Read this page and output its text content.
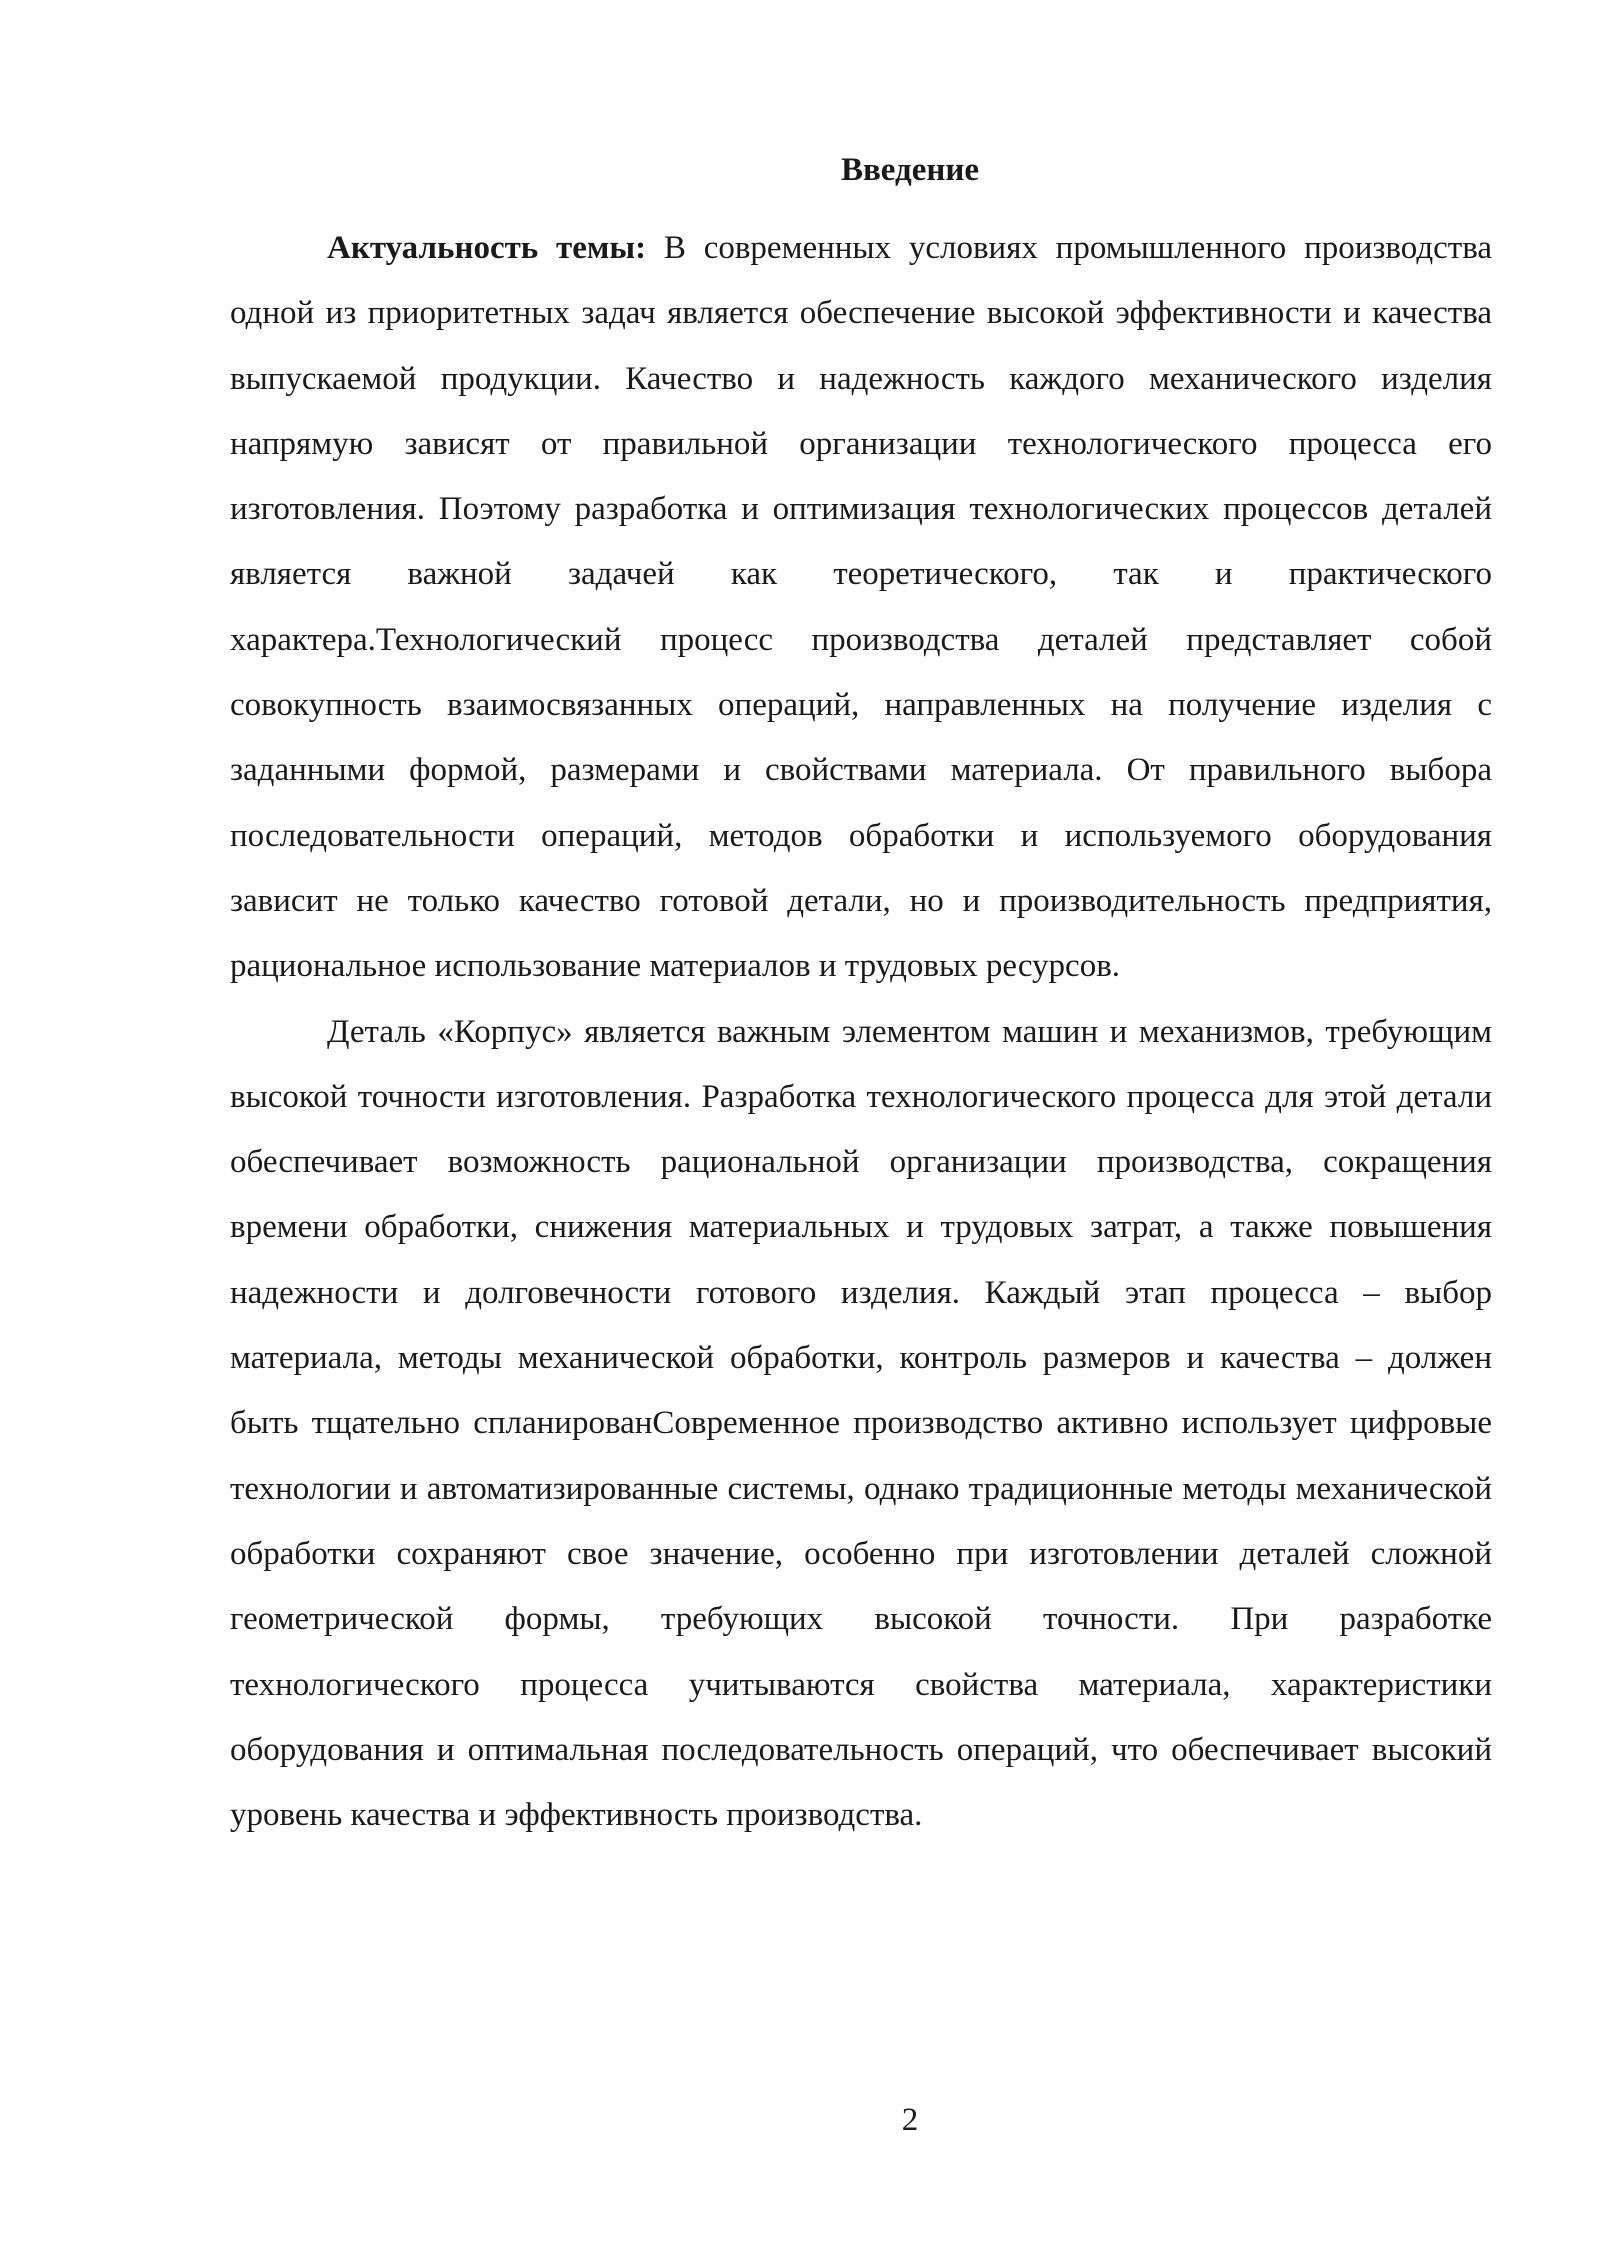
Введение

Актуальность темы: В современных условиях промышленного производства одной из приоритетных задач является обеспечение высокой эффективности и качества выпускаемой продукции. Качество и надежность каждого механического изделия напрямую зависят от правильной организации технологического процесса его изготовления. Поэтому разработка и оптимизация технологических процессов деталей является важной задачей как теоретического, так и практического характера.Технологический процесс производства деталей представляет собой совокупность взаимосвязанных операций, направленных на получение изделия с заданными формой, размерами и свойствами материала. От правильного выбора последовательности операций, методов обработки и используемого оборудования зависит не только качество готовой детали, но и производительность предприятия, рациональное использование материалов и трудовых ресурсов.

Деталь «Корпус» является важным элементом машин и механизмов, требующим высокой точности изготовления. Разработка технологического процесса для этой детали обеспечивает возможность рациональной организации производства, сокращения времени обработки, снижения материальных и трудовых затрат, а также повышения надежности и долговечности готового изделия. Каждый этап процесса – выбор материала, методы механической обработки, контроль размеров и качества – должен быть тщательно спланированСовременное производство активно использует цифровые технологии и автоматизированные системы, однако традиционные методы механической обработки сохраняют свое значение, особенно при изготовлении деталей сложной геометрической формы, требующих высокой точности. При разработке технологического процесса учитываются свойства материала, характеристики оборудования и оптимальная последовательность операций, что обеспечивает высокий уровень качества и эффективность производства.

2
